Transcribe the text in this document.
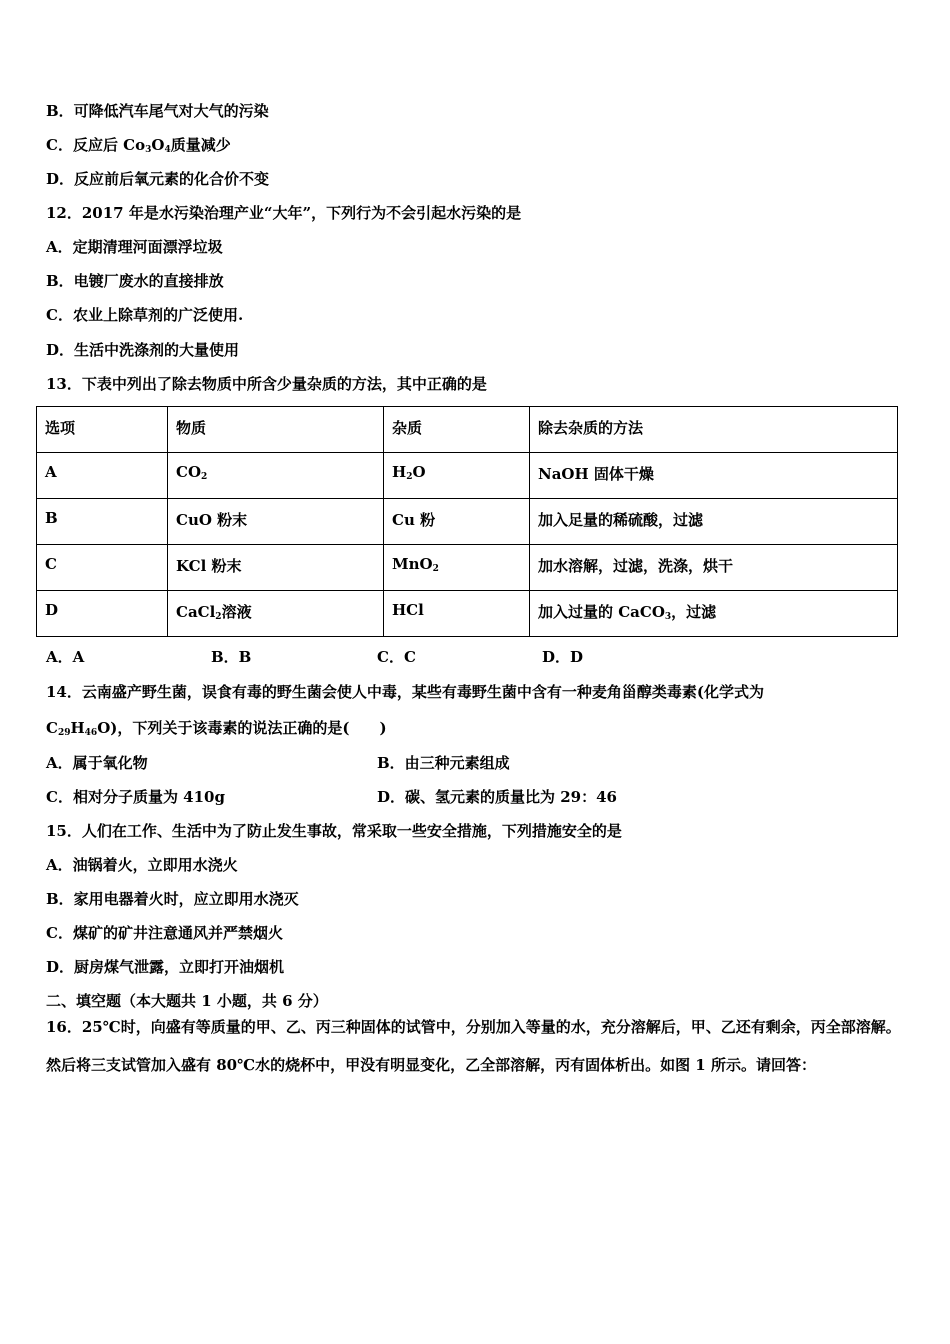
B．可降低汽车尾气对大气的污染
C．反应后 $Co_3O_4$质量减少
D．反应前后氧元素的化合价不变
12．2017 年是水污染治理产业“大年”，下列行为不会引起水污染的是
A．定期清理河面漂浮垃圾
B．电镀厂废水的直接排放
C．农业上除草剂的广泛使用.
D．生活中洗涤剂的大量使用
13．下表中列出了除去物质中所含少量杂质的方法，其中正确的是
选项	物质	杂质	除去杂质的方法
A	$CO_2$	$H_2O$	NaOH 固体干燥
B	CuO 粉末	Cu 粉	加入足量的稀硫酸，过滤
C	KCl 粉末	MnO$_2$	加水溶解，过滤，洗涤，烘干
D	CaCl$_2$溶液	HCl	加入过量的 CaCO$_3$，过滤
A．A	B．B	C．C	D．D
14．云南盛产野生菌，误食有毒的野生菌会使人中毒，某些有毒野生菌中含有一种麦角甾醇类毒素(化学式为
$C_{29}H_{46}O$)，下列关于该毒素的说法正确的是(　　)
A．属于氧化物	B．由三种元素组成
C．相对分子质量为 410g	D．碳、氢元素的质量比为 29：46
15．人们在工作、生活中为了防止发生事故，常采取一些安全措施，下列措施安全的是
A．油锅着火，立即用水浇火
B．家用电器着火时，应立即用水浇灭
C．煤矿的矿井注意通风并严禁烟火
D．厨房煤气泄露，立即打开油烟机
二、填空题（本大题共 1 小题，共 6 分）
16．25℃时，向盛有等质量的甲、乙、丙三种固体的试管中，分别加入等量的水，充分溶解后，甲、乙还有剩余，丙全部溶解。然后将三支试管加入盛有 80℃水的烧杯中，甲没有明显变化，乙全部溶解，丙有固体析出。如图 1 所示。请回答：
